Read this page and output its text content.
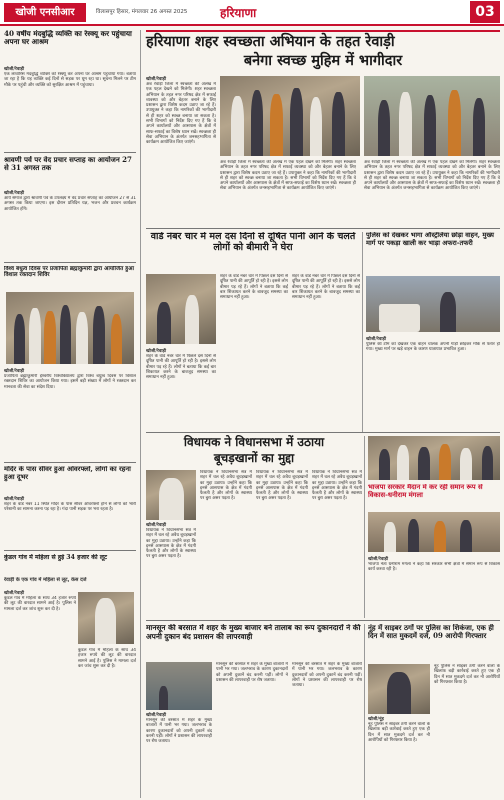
खोजी एनसीआर	विलासपुर हिसार, मंगलवार 26 अगस्त 2025	हरियाणा	03
40 वर्षीय मंदबुद्धि व्यक्ति का रेस्क्यू कर पहुंचाया अपना घर आश्रम
खोजी/रेवाड़ी
एक लावारिस मंदबुद्धि व्यक्ति को रेस्क्यू कर अपना घर आश्रम पहुंचाया गया। बताया जा रहा है कि यह व्यक्ति कई दिनों से सड़क पर घूम रहा था। सूचना मिलने पर टीम मौके पर पहुंची और व्यक्ति को सुरक्षित आश्रम में पहुंचाया।
श्रावणी पर्व पर वेद प्रचार सप्ताह का आयोजन 27 से 31 अगस्त तक
खोजी/रेवाड़ी
आर्य समाज द्वारा श्रावणी पर्व के उपलक्ष्य में वेद प्रचार सप्ताह का आयोजन 27 से 31 अगस्त तक किया जाएगा। इस दौरान प्रतिदिन यज्ञ, भजन और प्रवचन कार्यक्रम आयोजित होंगे।
विश्व बंधुत्व दिवस पर प्रजापिता ब्रह्माकुमारी द्वारा आयोजित हुआ विशाल रक्तदान शिविर
खोजी/रेवाड़ी
प्रजापिता ब्रह्माकुमारी ईश्वरीय विश्वविद्यालय द्वारा विश्व बंधुत्व दिवस पर विशाल रक्तदान शिविर का आयोजन किया गया। इसमें बड़ी संख्या में लोगों ने रक्तदान कर मानवता की सेवा का संदेश दिया।
मंदिर के पास सीवर हुआ ओवरफ्लो, लोगों का रहना हुआ दूभर
खोजी/रेवाड़ी
शहर के वार्ड नंबर 11 स्थित मंदिर के पास सीवर ओवरफ्लो होने से लोगों को भारी परेशानी का सामना करना पड़ रहा है। गंदा पानी सड़क पर भरा रहता है।
कुंडल गांव में महिला से हुई 34 हजार की लूट
रेवाड़ी के एक गांव में महिला से लूट, केस दर्ज
खोजी/रेवाड़ी
कुंडल गांव में महिला के साथ 34 हजार रुपये की लूट की वारदात सामने आई है। पुलिस ने मामला दर्ज कर जांच शुरू कर दी है।
कुंडल गांव में महिला के साथ 34 हजार रुपये की लूट की वारदात सामने आई है। पुलिस ने मामला दर्ज कर जांच शुरू कर दी है।
हरियाणा शहर स्वच्छता अभियान के तहत रेवाड़ी
बनेगा स्वच्छ मुहिम में भागीदार
खोजी/रेवाड़ी
अब रेवाड़ी जिला में स्वच्छता की अलख में एक पहल देखने को मिलेगी। शहर स्वच्छता अभियान के तहत नगर परिषद क्षेत्र में सफाई व्यवस्था को और बेहतर बनाने के लिए प्रशासन द्वारा विशेष कदम उठाए जा रहे हैं। उपायुक्त ने कहा कि नागरिकों की भागीदारी से ही शहर को स्वच्छ बनाया जा सकता है। सभी विभागों को निर्देश दिए गए हैं कि वे अपने कार्यालयों और आसपास के क्षेत्रों में साफ-सफाई का विशेष ध्यान रखें। स्वच्छता ही सेवा अभियान के अंतर्गत जनसहभागिता से कार्यक्रम आयोजित किए जाएंगे।
अब रेवाड़ी जिला में स्वच्छता की अलख में एक पहल देखने को मिलेगी। शहर स्वच्छता अभियान के तहत नगर परिषद क्षेत्र में सफाई व्यवस्था को और बेहतर बनाने के लिए प्रशासन द्वारा विशेष कदम उठाए जा रहे हैं। उपायुक्त ने कहा कि नागरिकों की भागीदारी से ही शहर को स्वच्छ बनाया जा सकता है। सभी विभागों को निर्देश दिए गए हैं कि वे अपने कार्यालयों और आसपास के क्षेत्रों में साफ-सफाई का विशेष ध्यान रखें। स्वच्छता ही सेवा अभियान के अंतर्गत जनसहभागिता से कार्यक्रम आयोजित किए जाएंगे।
अब रेवाड़ी जिला में स्वच्छता की अलख में एक पहल देखने को मिलेगी। शहर स्वच्छता अभियान के तहत नगर परिषद क्षेत्र में सफाई व्यवस्था को और बेहतर बनाने के लिए प्रशासन द्वारा विशेष कदम उठाए जा रहे हैं। उपायुक्त ने कहा कि नागरिकों की भागीदारी से ही शहर को स्वच्छ बनाया जा सकता है। सभी विभागों को निर्देश दिए गए हैं कि वे अपने कार्यालयों और आसपास के क्षेत्रों में साफ-सफाई का विशेष ध्यान रखें। स्वच्छता ही सेवा अभियान के अंतर्गत जनसहभागिता से कार्यक्रम आयोजित किए जाएंगे।
वार्ड नंबर चार में मल दस दिनों से दूषित पानी आने के चलते लोगों को बीमारी ने घेरा
खोजी/रेवाड़ी
शहर के वार्ड नंबर चार में पिछले दस दिनों से दूषित पानी की आपूर्ति हो रही है। इससे लोग बीमार पड़ रहे हैं। लोगों ने बताया कि कई बार शिकायत करने के बावजूद समस्या का समाधान नहीं हुआ।
शहर के वार्ड नंबर चार में पिछले दस दिनों से दूषित पानी की आपूर्ति हो रही है। इससे लोग बीमार पड़ रहे हैं। लोगों ने बताया कि कई बार शिकायत करने के बावजूद समस्या का समाधान नहीं हुआ।
शहर के वार्ड नंबर चार में पिछले दस दिनों से दूषित पानी की आपूर्ति हो रही है। इससे लोग बीमार पड़ रहे हैं। लोगों ने बताया कि कई बार शिकायत करने के बावजूद समस्या का समाधान नहीं हुआ।
पुलिस को देखकर भागा ऑस्ट्रेलिया छोड़ा वाहन, मुख्य मार्ग पर पकड़ा खाली कर भाड़ा अफरा-तफरी
खोजी/रेवाड़ी
पुलिस की टीम को देखकर एक वाहन चालक अपनी गाड़ी छोड़कर मौके से फरार हो गया। मुख्य मार्ग पर खड़े वाहन के कारण यातायात प्रभावित हुआ।
विधायक ने विधानसभा में उठाया
बूचड़खानों का मुद्दा
खोजी/रेवाड़ी
विधायक ने विधानसभा सत्र में शहर में चल रहे अवैध बूचड़खानों का मुद्दा उठाया। उन्होंने कहा कि इनसे आसपास के क्षेत्र में गंदगी फैलती है और लोगों के स्वास्थ्य पर बुरा असर पड़ता है।
विधायक ने विधानसभा सत्र में शहर में चल रहे अवैध बूचड़खानों का मुद्दा उठाया। उन्होंने कहा कि इनसे आसपास के क्षेत्र में गंदगी फैलती है और लोगों के स्वास्थ्य पर बुरा असर पड़ता है।
विधायक ने विधानसभा सत्र में शहर में चल रहे अवैध बूचड़खानों का मुद्दा उठाया। उन्होंने कहा कि इनसे आसपास के क्षेत्र में गंदगी फैलती है और लोगों के स्वास्थ्य पर बुरा असर पड़ता है।
विधायक ने विधानसभा सत्र में शहर में चल रहे अवैध बूचड़खानों का मुद्दा उठाया। उन्होंने कहा कि इनसे आसपास के क्षेत्र में गंदगी फैलती है और लोगों के स्वास्थ्य पर बुरा असर पड़ता है।
भाजपा सरकार मैदान में कर रही समान रूप से विकास-धनीराम मंगला
खोजी/रेवाड़ी
भाजपा नेता धनीराम मंगला ने कहा कि सरकार सभी क्षेत्रों में समान रूप से विकास कार्य करवा रही है।
मानसून की बरसात में शहर के मुख्य बाजार बने तालाब का रूप दुकानदारों ने की अपनी दुकान बंद प्रशासन की लापरवाही
खोजी/रेवाड़ी
मानसून की बरसात में शहर के मुख्य बाजारों में पानी भर गया। जलभराव के कारण दुकानदारों को अपनी दुकानें बंद करनी पड़ीं। लोगों ने प्रशासन की लापरवाही पर रोष जताया।
मानसून की बरसात में शहर के मुख्य बाजारों में पानी भर गया। जलभराव के कारण दुकानदारों को अपनी दुकानें बंद करनी पड़ीं। लोगों ने प्रशासन की लापरवाही पर रोष जताया।
मानसून की बरसात में शहर के मुख्य बाजारों में पानी भर गया। जलभराव के कारण दुकानदारों को अपनी दुकानें बंद करनी पड़ीं। लोगों ने प्रशासन की लापरवाही पर रोष जताया।
नूंह में साइबर ठगों पर पुलिस का शिकंजा, एक ही दिन में सात मुकदमें दर्ज, 09 आरोपी गिरफ्तार
खोजी/नूंह
नूंह पुलिस ने साइबर ठगी करने वालों के खिलाफ बड़ी कार्रवाई करते हुए एक ही दिन में सात मुकदमे दर्ज कर नौ आरोपियों को गिरफ्तार किया है।
नूंह पुलिस ने साइबर ठगी करने वालों के खिलाफ बड़ी कार्रवाई करते हुए एक ही दिन में सात मुकदमे दर्ज कर नौ आरोपियों को गिरफ्तार किया है।
